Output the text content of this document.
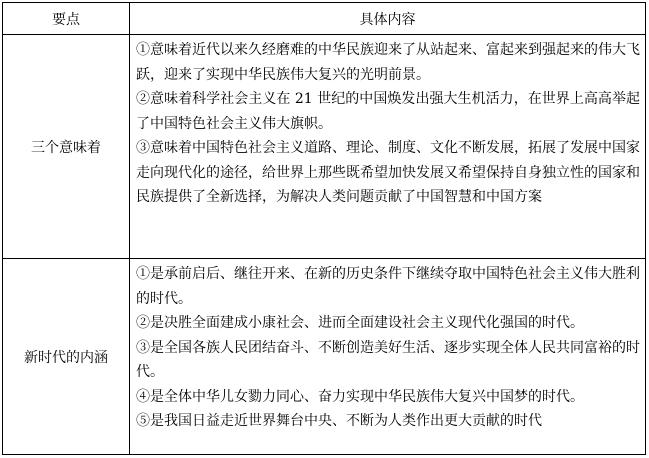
要点	具体内容
三个意味着	①意味着近代以来久经磨难的中华民族迎来了从站起来、富起来到强起来的伟大飞跃，迎来了实现中华民族伟大复兴的光明前景。
②意味着科学社会主义在 21 世纪的中国焕发出强大生机活力，在世界上高高举起了中国特色社会主义伟大旗帜。
③意味着中国特色社会主义道路、理论、制度、文化不断发展，拓展了发展中国家走向现代化的途径，给世界上那些既希望加快发展又希望保持自身独立性的国家和民族提供了全新选择，为解决人类问题贡献了中国智慧和中国方案

新时代的内涵	①是承前启后、继往开来、在新的历史条件下继续夺取中国特色社会主义伟大胜利的时代。
②是决胜全面建成小康社会、进而全面建设社会主义现代化强国的时代。
③是全国各族人民团结奋斗、不断创造美好生活、逐步实现全体人民共同富裕的时代。
④是全体中华儿女勠力同心、奋力实现中华民族伟大复兴中国梦的时代。
⑤是我国日益走近世界舞台中央、不断为人类作出更大贡献的时代
